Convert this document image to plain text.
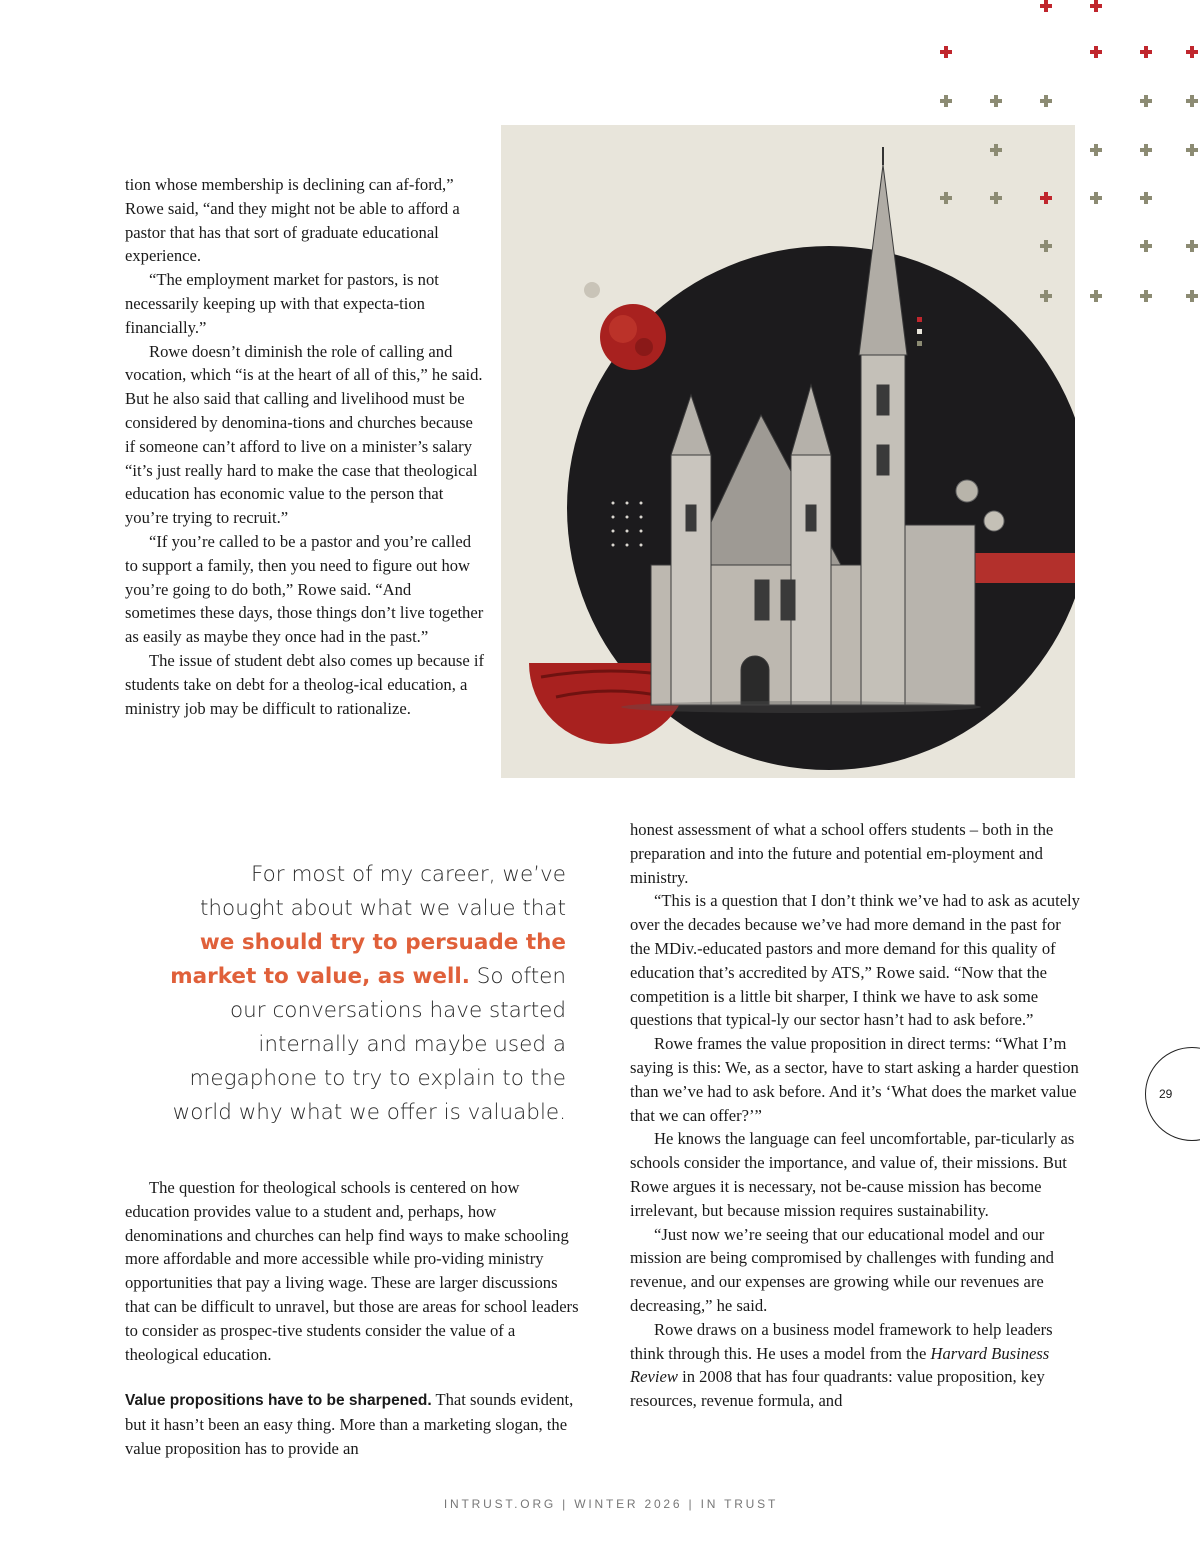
tion whose membership is declining can af-ford,” Rowe said, “and they might not be able to afford a pastor that has that sort of graduate educational experience.

“The employment market for pastors, is not necessarily keeping up with that expecta-tion financially.”

Rowe doesn’t diminish the role of calling and vocation, which “is at the heart of all of this,” he said. But he also said that calling and livelihood must be considered by denomina-tions and churches because if someone can’t afford to live on a minister’s salary “it’s just really hard to make the case that theological education has economic value to the person that you’re trying to recruit.”

“If you’re called to be a pastor and you’re called to support a family, then you need to figure out how you’re going to do both,” Rowe said. “And sometimes these days, those things don’t live together as easily as maybe they once had in the past.”

The issue of student debt also comes up because if students take on debt for a theolog-ical education, a ministry job may be difficult to rationalize.

For most of my career, we’ve thought about what we value that we should try to persuade the market to value, as well. So often our conversations have started internally and maybe used a megaphone to try to explain to the world why what we offer is valuable.

The question for theological schools is centered on how education provides value to a student and, perhaps, how denominations and churches can help find ways to make schooling more affordable and more accessible while pro-viding ministry opportunities that pay a living wage. These are larger discussions that can be difficult to unravel, but those are areas for school leaders to consider as prospec-tive students consider the value of a theological education.

Value propositions have to be sharpened. That sounds evident, but it hasn’t been an easy thing. More than a marketing slogan, the value proposition has to provide an

honest assessment of what a school offers students – both in the preparation and into the future and potential em-ployment and ministry.

“This is a question that I don’t think we’ve had to ask as acutely over the decades because we’ve had more demand in the past for the MDiv.-educated pastors and more demand for this quality of education that’s accredited by ATS,” Rowe said. “Now that the competition is a little bit sharper, I think we have to ask some questions that typical-ly our sector hasn’t had to ask before.”

Rowe frames the value proposition in direct terms: “What I’m saying is this: We, as a sector, have to start asking a harder question than we’ve had to ask before. And it’s ‘What does the market value that we can offer?’”

He knows the language can feel uncomfortable, par-ticularly as schools consider the importance, and value of, their missions. But Rowe argues it is necessary, not be-cause mission has become irrelevant, but because mission requires sustainability.

“Just now we’re seeing that our educational model and our mission are being compromised by challenges with funding and revenue, and our expenses are growing while our revenues are decreasing,” he said.

Rowe draws on a business model framework to help leaders think through this. He uses a model from the Harvard Business Review in 2008 that has four quadrants: value proposition, key resources, revenue formula, and

29
INTRUST.ORG | WINTER 2026 | IN TRUST
